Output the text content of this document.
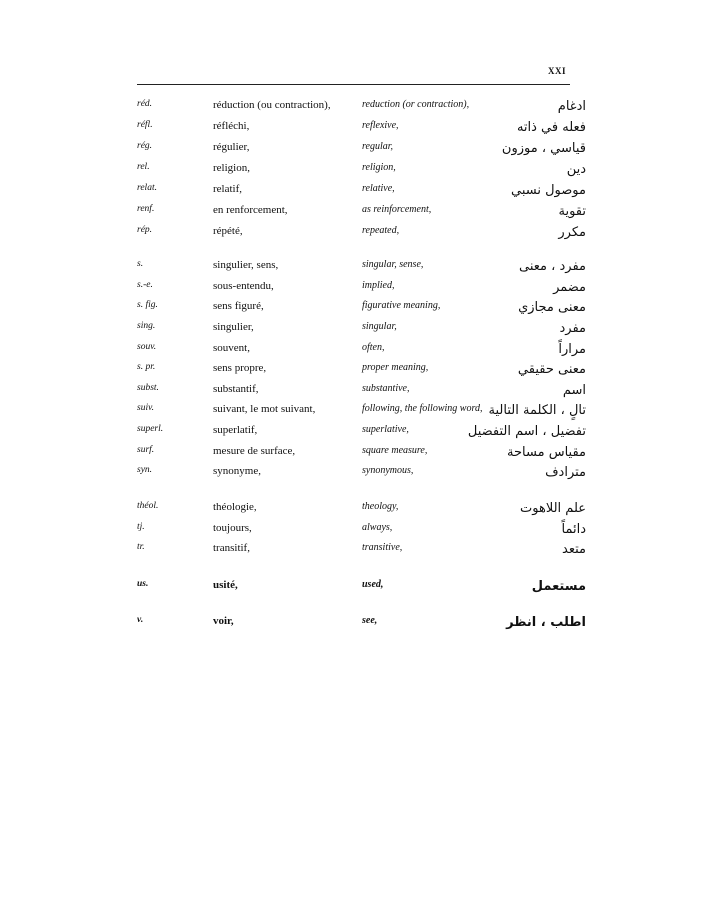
XXI
réd.	réduction (ou contraction),	reduction (or contraction),	ادغام
réfl.	réfléchi,	reflexive,	فعله في ذاته
rég.	régulier,	regular,	قياسي ، موزون
rel.	religion,	religion,	دين
relat.	relatif,	relative,	موصول نسبي
renf.	en renforcement,	as reinforcement,	تقوية
rép.	répété,	repeated,	مكرر
s.	singulier, sens,	singular, sense,	مفرد ، معنى
s.-e.	sous-entendu,	implied,	مضمر
s. fig.	sens figuré,	figurative meaning,	معنى مجازي
sing.	singulier,	singular,	مفرد
souv.	souvent,	often,	مراراً
s. pr.	sens propre,	proper meaning,	معنى حقيقي
subst.	substantif,	substantive,	اسم
suiv.	suivant, le mot suivant,	following, the following word, تالٍ ، الكلمة التالية
superl.	superlatif,	superlative,	تفضيل ، اسم التفضيل
surf.	mesure de surface,	square measure,	مقياس مساحة
syn.	synonyme,	synonymous,	مترادف
théol.	théologie,	theology,	علم اللاهوت
tj.	toujours,	always,	دائماً
tr.	transitif,	transitive,	متعد
us.	usité,	used,	مستعمل
v.	voir,	see,	اطلب ، انظر
